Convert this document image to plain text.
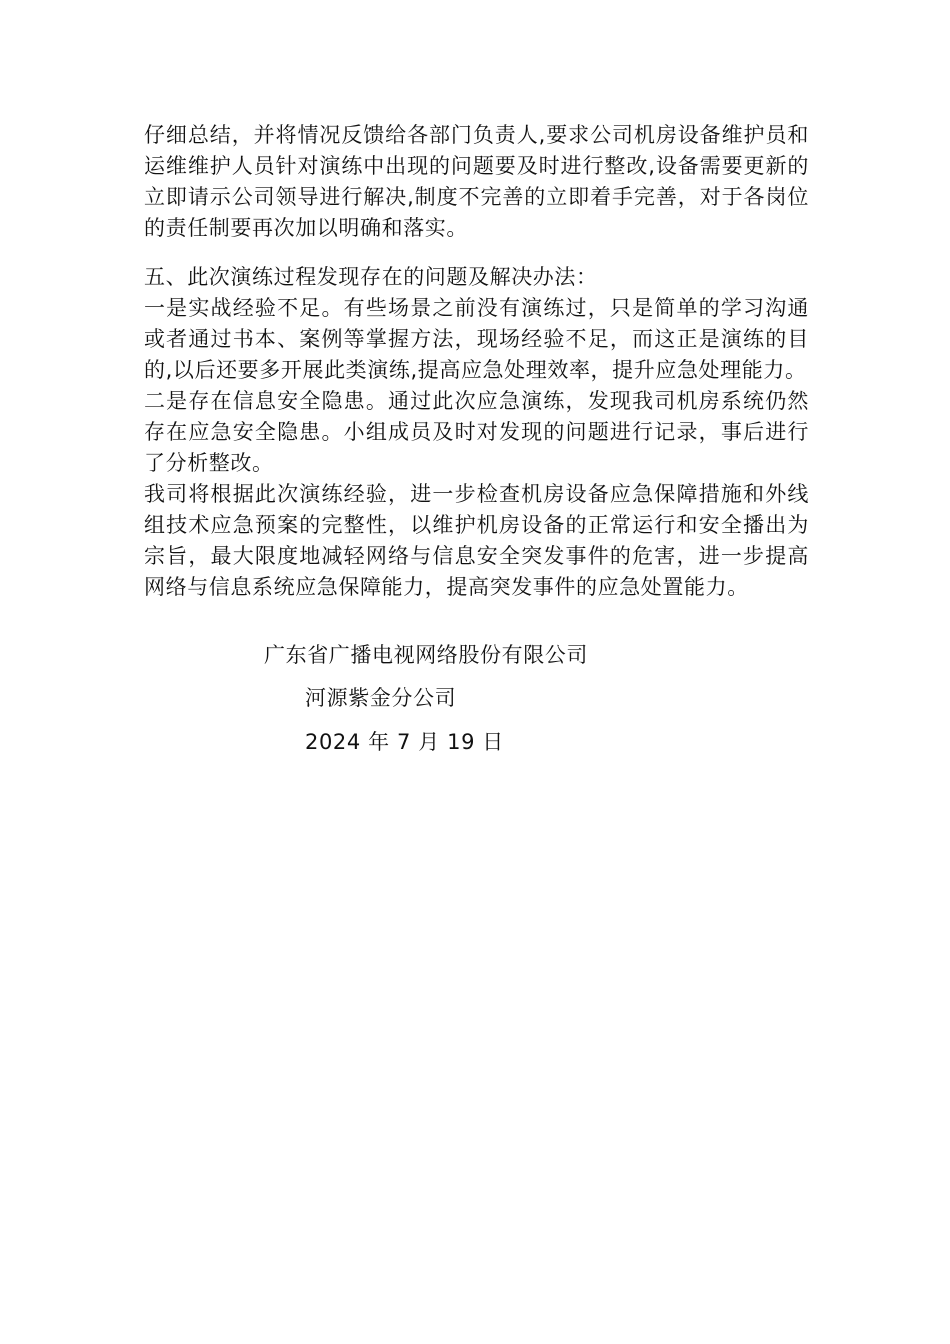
仔细总结，并将情况反馈给各部门负责人,要求公司机房设备维护员和运维维护人员针对演练中出现的问题要及时进行整改,设备需要更新的立即请示公司领导进行解决,制度不完善的立即着手完善，对于各岗位的责任制要再次加以明确和落实。

五、此次演练过程发现存在的问题及解决办法：

一是实战经验不足。有些场景之前没有演练过，只是简单的学习沟通或者通过书本、案例等掌握方法，现场经验不足，而这正是演练的目的,以后还要多开展此类演练,提高应急处理效率，提升应急处理能力。

二是存在信息安全隐患。通过此次应急演练，发现我司机房系统仍然存在应急安全隐患。小组成员及时对发现的问题进行记录，事后进行了分析整改。

我司将根据此次演练经验，进一步检查机房设备应急保障措施和外线组技术应急预案的完整性，以维护机房设备的正常运行和安全播出为宗旨，最大限度地减轻网络与信息安全突发事件的危害，进一步提高网络与信息系统应急保障能力，提高突发事件的应急处置能力。

广东省广播电视网络股份有限公司
河源紫金分公司
2024 年 7 月 19 日
